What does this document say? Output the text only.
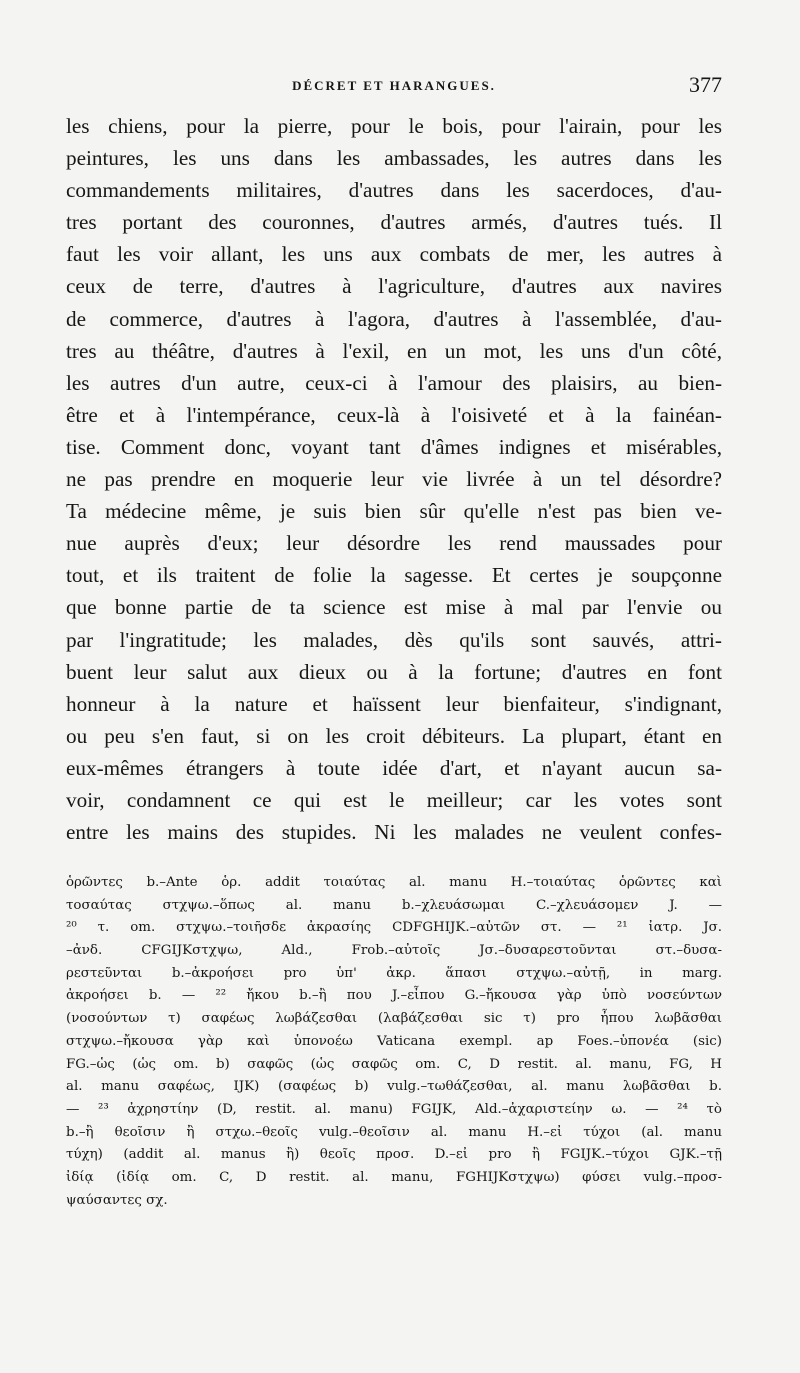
DÉCRET ET HARANGUES.	377
les chiens, pour la pierre, pour le bois, pour l'airain, pour les
peintures, les uns dans les ambassades, les autres dans les
commandements militaires, d'autres dans les sacerdoces, d'au-
tres portant des couronnes, d'autres armés, d'autres tués. Il
faut les voir allant, les uns aux combats de mer, les autres à
ceux de terre, d'autres à l'agriculture, d'autres aux navires
de commerce, d'autres à l'agora, d'autres à l'assemblée, d'au-
tres au théâtre, d'autres à l'exil, en un mot, les uns d'un côté,
les autres d'un autre, ceux-ci à l'amour des plaisirs, au bien-
être et à l'intempérance, ceux-là à l'oisiveté et à la fainéan-
tise. Comment donc, voyant tant d'âmes indignes et misérables,
ne pas prendre en moquerie leur vie livrée à un tel désordre?
Ta médecine même, je suis bien sûr qu'elle n'est pas bien ve-
nue auprès d'eux; leur désordre les rend maussades pour
tout, et ils traitent de folie la sagesse. Et certes je soupçonne
que bonne partie de ta science est mise à mal par l'envie ou
par l'ingratitude; les malades, dès qu'ils sont sauvés, attri-
buent leur salut aux dieux ou à la fortune; d'autres en font
honneur à la nature et haïssent leur bienfaiteur, s'indignant,
ou peu s'en faut, si on les croit débiteurs. La plupart, étant en
eux-mêmes étrangers à toute idée d'art, et n'ayant aucun sa-
voir, condamnent ce qui est le meilleur; car les votes sont
entre les mains des stupides. Ni les malades ne veulent confes-
ὁρῶντες b.–Ante ὁρ. addit τοιαύτας al. manu H.–τοιαύτας ὁρῶντες καὶ
τοσαύτας στχψω.–ὅπως al. manu b.–χλευάσωμαι C.–χλευάσομεν J. —
²⁰ τ. om. στχψω.–τοιῆσδε ἀκρασίης CDFGHIJK.–αὐτῶν στ. — ²¹ ἰατρ. Jσ.
–ἀνδ. CFGIJKστχψω, Ald., Frob.–αὐτοῖς Jσ.–δυσαρεστοῦνται στ.–δυσα-
ρεστεῦνται b.–ἀκροήσει pro ὑπ' ἀκρ. ἅπασι στχψω.–αὐτῇ, in marg.
ἀκροήσει b. — ²² ἤκου b.–ἢ που J.–εἶπου G.–ἤκουσα γὰρ ὑπὸ νοσεύντων
(νοσούντων τ) σαφέως λωβάζεσθαι (λαβάζεσθαι sic τ) pro ἦπου λωβᾶσθαι
στχψω.–ἤκουσα γὰρ καὶ ὑπονοέω Vaticana exempl. ap Foes.–ὑπονέα (sic)
FG.–ὡς (ὡς om. b) σαφῶς (ὡς σαφῶς om. C, D restit. al. manu, FG, H
al. manu σαφέως, IJK) (σαφέως b) vulg.–τωθάζεσθαι, al. manu λωβᾶσθαι b.
— ²³ ἀχρηστίην (D, restit. al. manu) FGIJK, Ald.–ἀχαριστείην ω. — ²⁴ τὸ
b.–ἢ θεοῖσιν ἢ στχω.–θεοῖς vulg.–θεοῖσιν al. manu H.–εἰ τύχοι (al. manu
τύχη) (addit al. manus ἢ) θεοῖς προσ. D.–εἰ pro ἢ FGIJK.–τύχοι GJK.–τῇ
ἰδίᾳ (ἰδίᾳ om. C, D restit. al. manu, FGHIJKστχψω) φύσει vulg.–προσ-
ψαύσαντες σχ.
